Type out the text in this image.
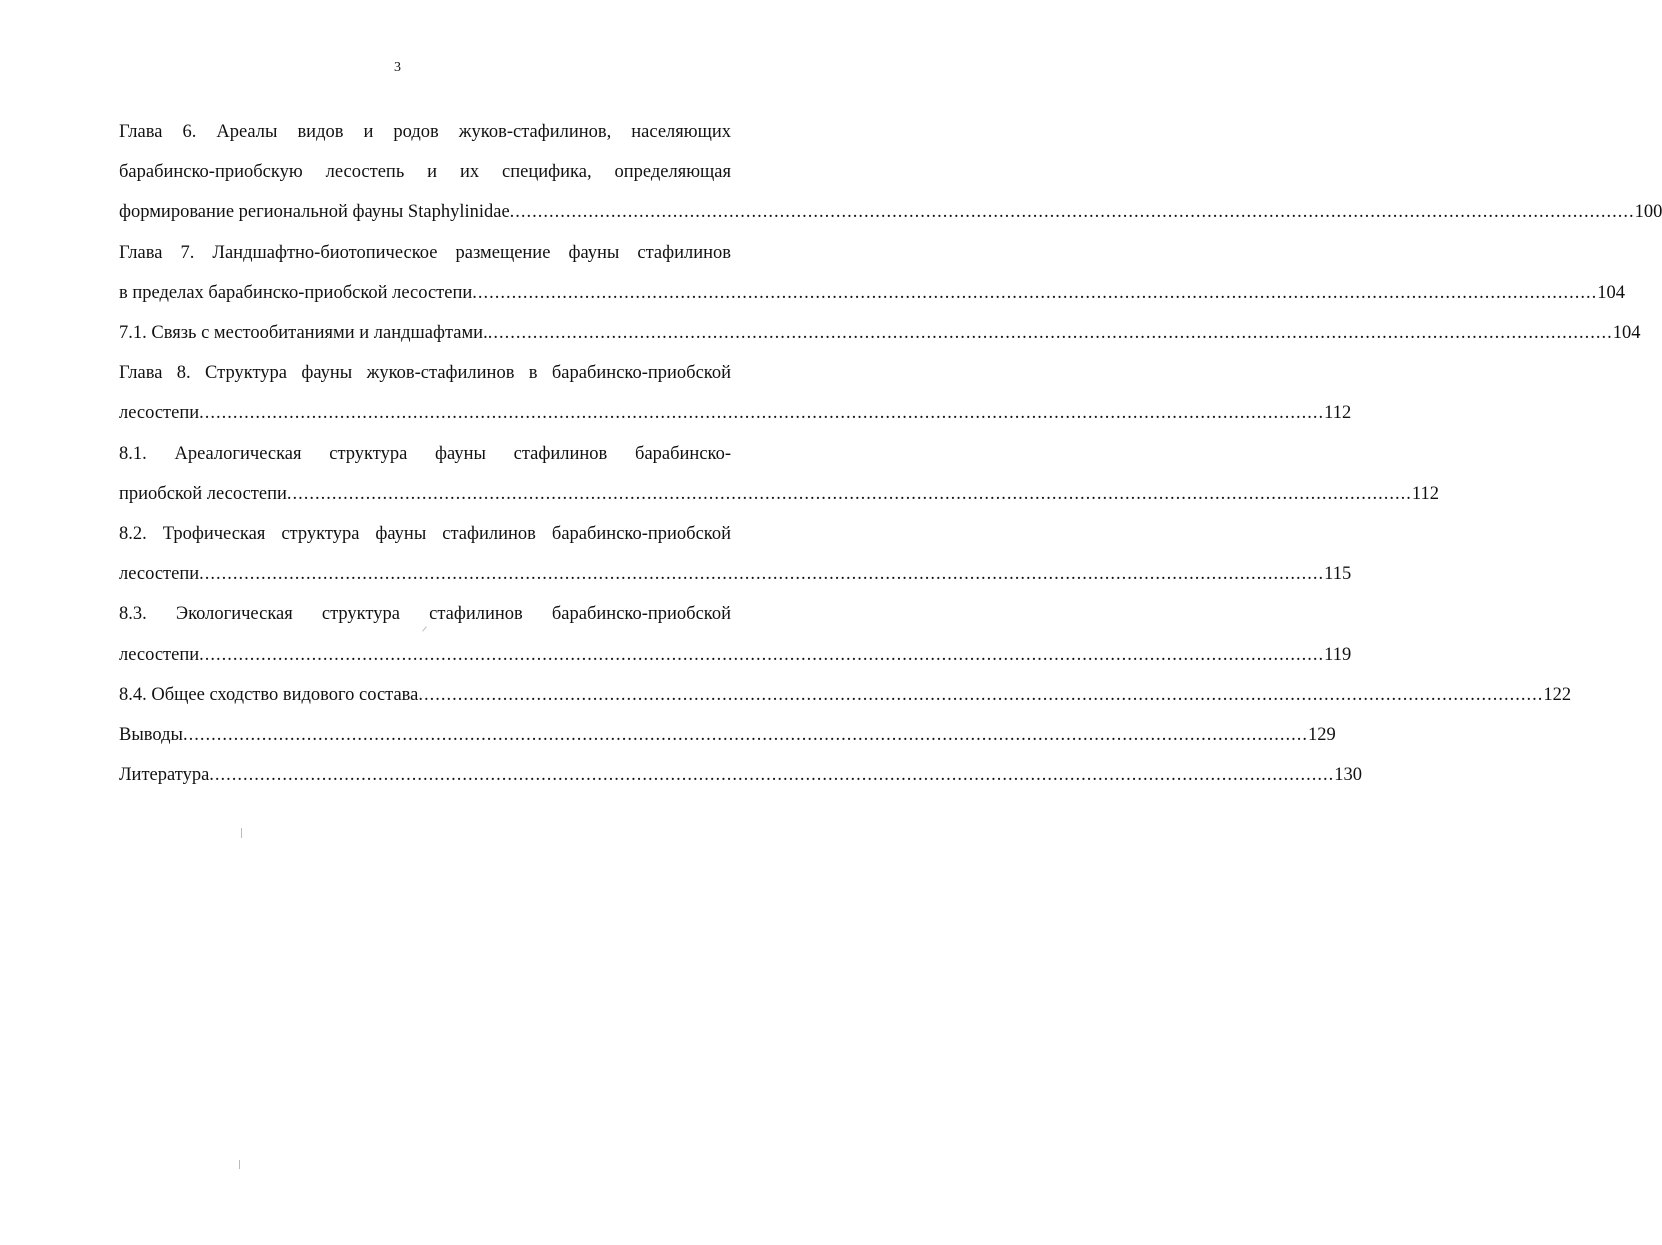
3
Глава 6. Ареалы видов и родов жуков-стафилинов, населяющих
барабинско-приобскую лесостепь и их специфика, определяющая
формирование региональной фауны Staphylinidae ........................................................................................................................................................................................................ 100
Глава 7. Ландшафтно-биотопическое размещение фауны стафилинов
в пределах барабинско-приобской лесостепи ........................................................................................................................................................................................................ 104
7.1. Связь с местообитаниями и ландшафтами. ........................................................................................................................................................................................................ 104
Глава 8. Структура фауны жуков-стафилинов в барабинско-приобской
лесостепи ........................................................................................................................................................................................................ 112
8.1. Ареалогическая структура фауны стафилинов барабинско-
приобской лесостепи ........................................................................................................................................................................................................ 112
8.2. Трофическая структура фауны стафилинов барабинско-приобской
лесостепи ........................................................................................................................................................................................................ 115
8.3. Экологическая структура стафилинов барабинско-приобской
лесостепи ........................................................................................................................................................................................................ 119
8.4. Общее сходство видового состава ........................................................................................................................................................................................................ 122
Выводы ........................................................................................................................................................................................................ 129
Литература ........................................................................................................................................................................................................ 130
